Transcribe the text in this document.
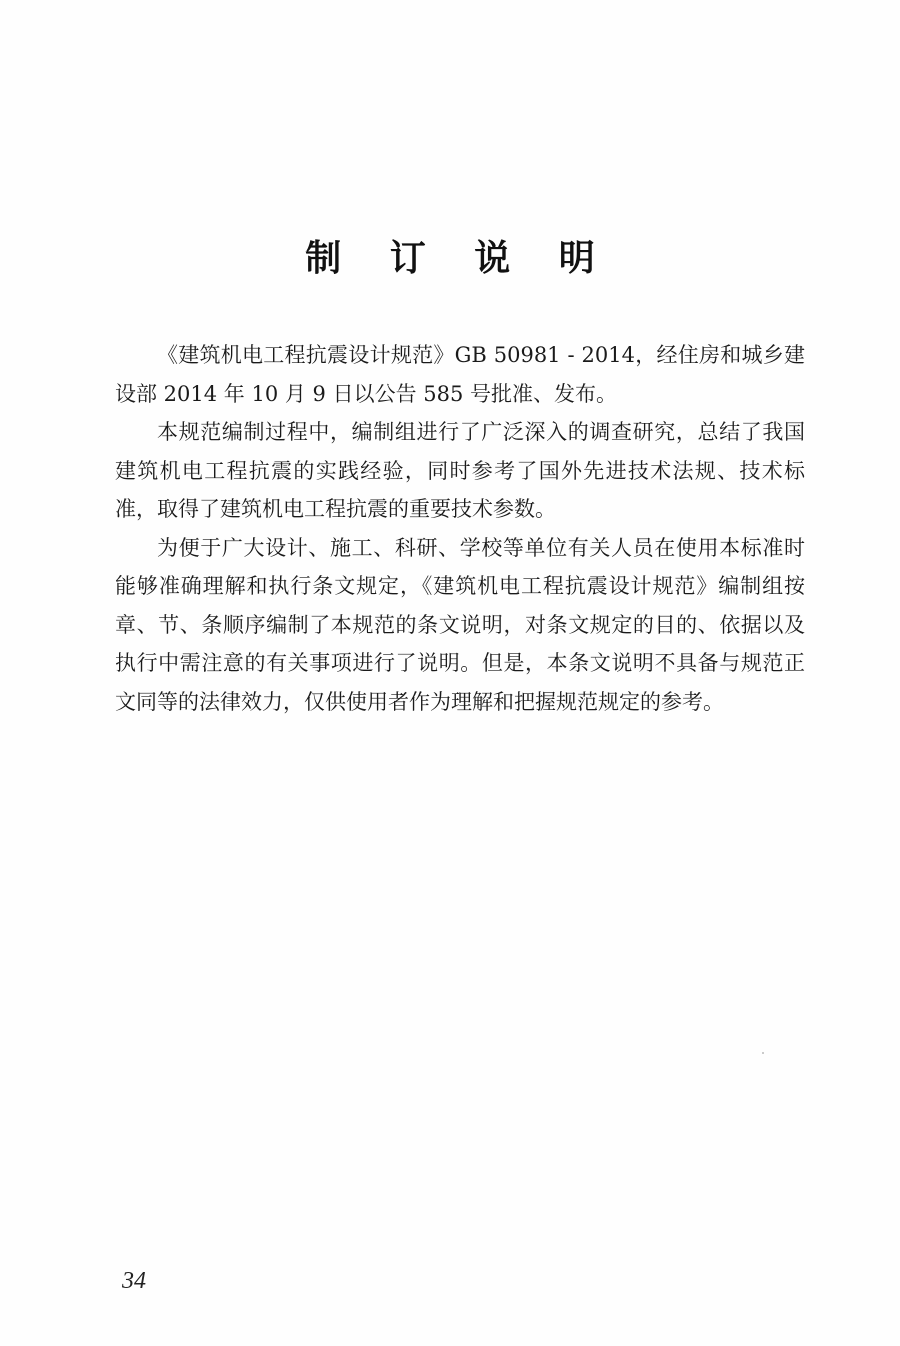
制 订 说 明

《建筑机电工程抗震设计规范》GB 50981 - 2014，经住房和城乡建设部 2014 年 10 月 9 日以公告 585 号批准、发布。

本规范编制过程中，编制组进行了广泛深入的调查研究，总结了我国建筑机电工程抗震的实践经验，同时参考了国外先进技术法规、技术标准，取得了建筑机电工程抗震的重要技术参数。

为便于广大设计、施工、科研、学校等单位有关人员在使用本标准时能够准确理解和执行条文规定，《建筑机电工程抗震设计规范》编制组按章、节、条顺序编制了本规范的条文说明，对条文规定的目的、依据以及执行中需注意的有关事项进行了说明。但是，本条文说明不具备与规范正文同等的法律效力，仅供使用者作为理解和把握规范规定的参考。

34
